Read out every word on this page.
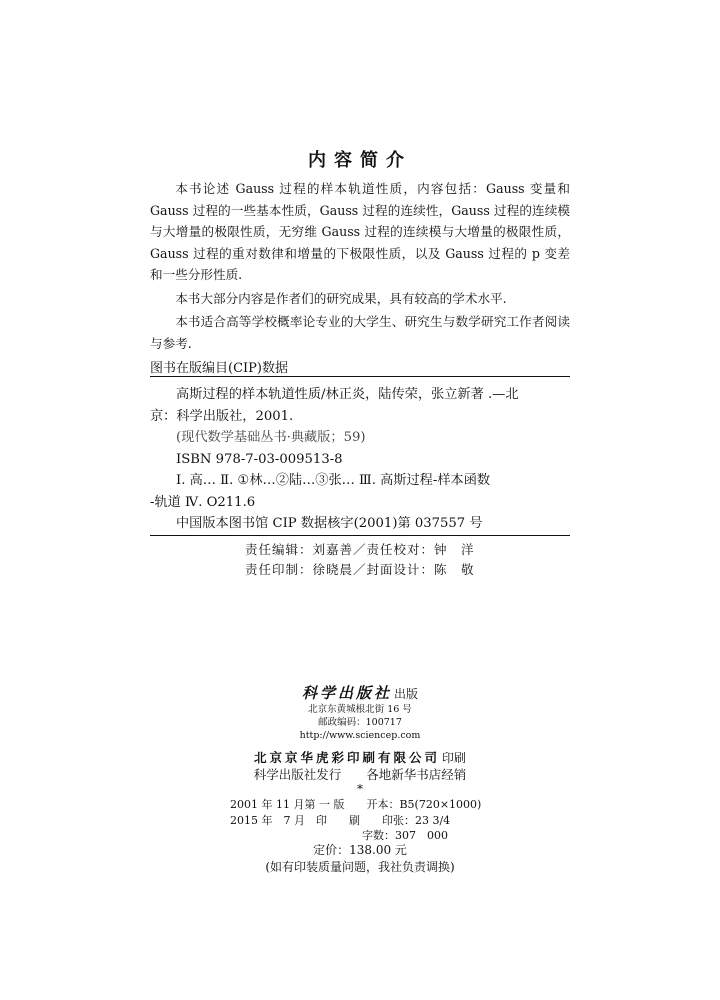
内容简介

本书论述 Gauss 过程的样本轨道性质，内容包括：Gauss 变量和 Gauss 过程的一些基本性质，Gauss 过程的连续性，Gauss 过程的连续模与大增量的极限性质，无穷维 Gauss 过程的连续模与大增量的极限性质，Gauss 过程的重对数律和增量的下极限性质，以及 Gauss 过程的 p 变差和一些分形性质.

本书大部分内容是作者们的研究成果，具有较高的学术水平.

本书适合高等学校概率论专业的大学生、研究生与数学研究工作者阅读与参考.

图书在版编目(CIP)数据
高斯过程的样本轨道性质/林正炎，陆传荣，张立新著 .—北
京：科学出版社，2001.
(现代数学基础丛书·典藏版；59)
ISBN 978-7-03-009513-8
Ⅰ. 高… Ⅱ. ①林…②陆…③张… Ⅲ. 高斯过程-样本函数
-轨道 Ⅳ. O211.6
中国版本图书馆 CIP 数据核字(2001)第 037557 号
责任编辑：刘嘉善／责任校对：钟　洋
责任印制：徐晓晨／封面设计：陈　敬
科学出版社 出版
北京东黄城根北街 16 号
邮政编码：100717
http://www.sciencep.com
北京京华虎彩印刷有限公司 印刷
科学出版社发行　　各地新华书店经销
*
2001 年 11 月第 一 版　　开本：B5(720×1000)
2015 年　7 月　印　　刷　　印张：23 3/4
　　　　　　　　　　　　字数：307　000
定价：138.00 元
(如有印装质量问题，我社负责调换)
